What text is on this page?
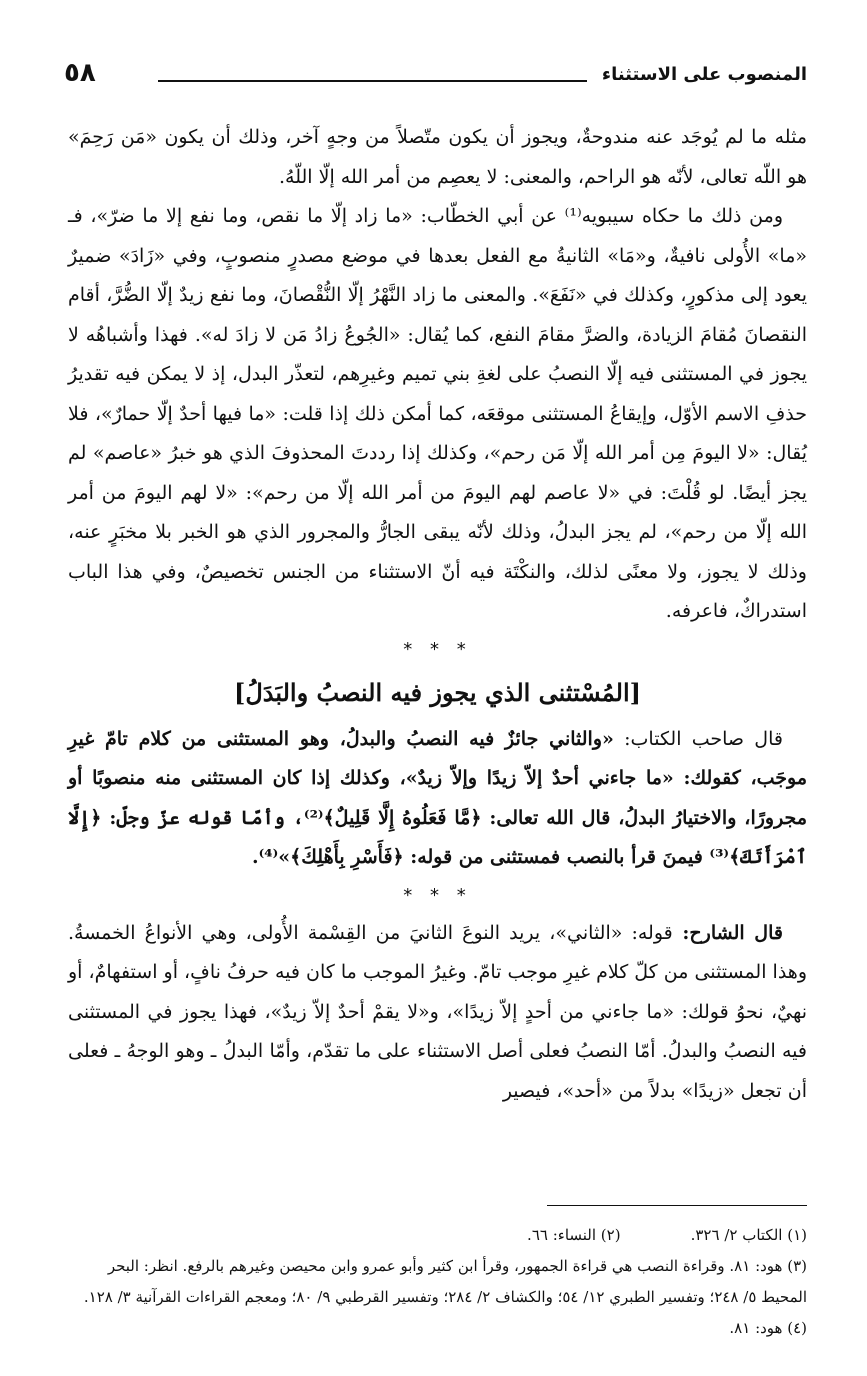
٥٨	المنصوب على الاستثناء

مثله ما لم يُوجَد عنه مندوحةٌ، ويجوز أن يكون متّصلاً من وجهٍ آخر، وذلك أن يكون «مَن رَحِمَ» هو اللّه تعالى، لأنّه هو الراحم، والمعنى: لا يعصِم من أمر الله إلّا اللّهُ.

ومن ذلك ما حكاه سيبويه⁽¹⁾ عن أبي الخطّاب: «ما زاد إلّا ما نقص، وما نفع إلا ما ضرّ»، فـ «ما» الأُولى نافيةٌ، و«مَا» الثانيةُ مع الفعل بعدها في موضع مصدرٍ منصوبٍ، وفي «زَادَ» ضميرٌ يعود إلى مذكورٍ، وكذلك في «نَفَعَ». والمعنى ما زاد النَّهْرُ إلّا النُّقْصانَ، وما نفع زيدٌ إلّا الضُّرَّ، أقام النقصانَ مُقامَ الزيادة، والضرَّ مقامَ النفع، كما يُقال: «الجُوعُ زادُ مَن لا زادَ له». فهذا وأشباهُه لا يجوز في المستثنى فيه إلّا النصبُ على لغةِ بني تميم وغيرِهم، لتعذّر البدل، إذ لا يمكن فيه تقديرُ حذفِ الاسم الأوّل، وإيقاعُ المستثنى موقعَه، كما أمكن ذلك إذا قلت: «ما فيها أحدٌ إلّا حمارٌ»، فلا يُقال: «لا اليومَ مِن أمر الله إلّا مَن رحم»، وكذلك إذا رددتَ المحذوفَ الذي هو خبرُ «عاصم» لم يجز أيضًا. لو قُلْتَ: في «لا عاصم لهم اليومَ من أمر الله إلّا من رحم»: «لا لهم اليومَ من أمر الله إلّا من رحم»، لم يجز البدلُ، وذلك لأنّه يبقى الجارُّ والمجرور الذي هو الخبر بلا مخبَرٍ عنه، وذلك لا يجوز، ولا معنًى لذلك، والنكْتَة فيه أنّ الاستثناء من الجنس تخصيصٌ، وفي هذا الباب استدراكٌ، فاعرفه.

* * *
[المُسْتثنى الذي يجوز فيه النصبُ والبَدَلُ]

قال صاحب الكتاب: «والثاني جائزٌ فيه النصبُ والبدلُ، وهو المستثنى من كلام تامّ غيرِ موجَب، كقولك: «ما جاءني أحدٌ إلاّ زيدًا وإلاّ زيدٌ»، وكذلك إذا كان المستثنى منه منصوبًا أو مجرورًا، والاختيارُ البدلُ، قال الله تعالى: ﴿مَّا فَعَلُوهُ إِلَّا قَلِيلٌ﴾⁽²⁾، وأمّا قوله عزّ وجلّ: ﴿إِلَّا ٱمْرَأَتَكَ﴾⁽³⁾ فيمنَ قرأ بالنصب فمستثنى من قوله: ﴿فَأَسْرِ بِأَهْلِكَ﴾»⁽⁴⁾.

* * *

قال الشارح: قوله: «الثاني»، يريد النوعَ الثانيَ من القِسْمة الأُولى، وهي الأنواعُ الخمسةُ. وهذا المستثنى من كلّ كلام غيرِ موجب تامّ. وغيرُ الموجب ما كان فيه حرفُ نافٍ، أو استفهامٌ، أو نهيٌ، نحوُ قولك: «ما جاءني من أحدٍ إلاّ زيدًا»، و«لا يقمْ أحدٌ إلاّ زيدٌ»، فهذا يجوز في المستثنى فيه النصبُ والبدلُ. أمّا النصبُ فعلى أصل الاستثناء على ما تقدّم، وأمّا البدلُ ـ وهو الوجهُ ـ فعلى أن تجعل «زيدًا» بدلاً من «أحد»، فيصير

(١) الكتاب ٢/ ٣٢٦.
(٢) النساء: ٦٦.

(٣) هود: ٨١. وقراءة النصب هي قراءة الجمهور، وقرأ ابن كثير وأبو عمرو وابن محيصن وغيرهم بالرفع. انظر: البحر المحيط ٥/ ٢٤٨؛ وتفسير الطبري ١٢/ ٥٤؛ والكشاف ٢/ ٢٨٤؛ وتفسير القرطبي ٩/ ٨٠؛ ومعجم القراءات القرآنية ٣/ ١٢٨.

(٤) هود: ٨١.
